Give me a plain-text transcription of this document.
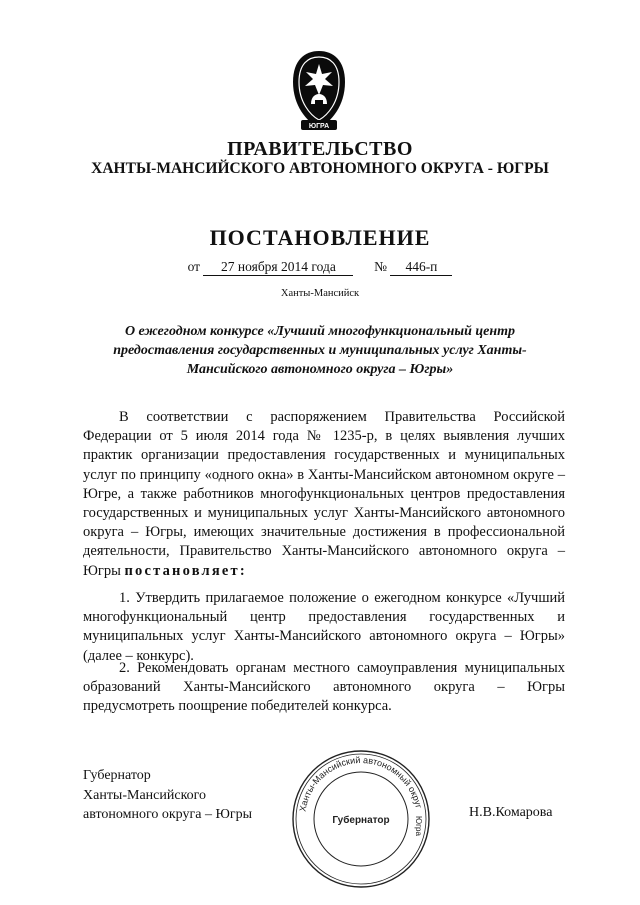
ЮГРА
ПРАВИТЕЛЬСТВО
ХАНТЫ-МАНСИЙСКОГО АВТОНОМНОГО ОКРУГА - ЮГРЫ
ПОСТАНОВЛЕНИЕ
от 27 ноября 2014 года	№ 446-п
Ханты-Мансийск
О ежегодном конкурсе «Лучший многофункциональный центр
предоставления государственных и муниципальных услуг Ханты-
Мансийского автономного округа – Югры»

В соответствии с распоряжением Правительства Российской Федерации от 5 июля 2014 года № 1235-р, в целях выявления лучших практик организации предоставления государственных и муниципальных услуг по принципу «одного окна» в Ханты-Мансийском автономном округе – Югре, а также работников многофункциональных центров предоставления государственных и муниципальных услуг Ханты-Мансийского автономного округа – Югры, имеющих значительные достижения в профессиональной деятельности, Правительство Ханты-Мансийского автономного округа – Югры постановляет:

1. Утвердить прилагаемое положение о ежегодном конкурсе «Лучший многофункциональный центр предоставления государственных и муниципальных услуг Ханты-Мансийского автономного округа – Югры» (далее – конкурс).

2. Рекомендовать органам местного самоуправления муниципальных образований Ханты-Мансийского автономного округа – Югры предусмотреть поощрение победителей конкурса.

Губернатор
Ханты-Мансийского
автономного округа – Югры	Ханты-Мансийский автономный округ
Губернатор	Югра
Н.В.Комарова
